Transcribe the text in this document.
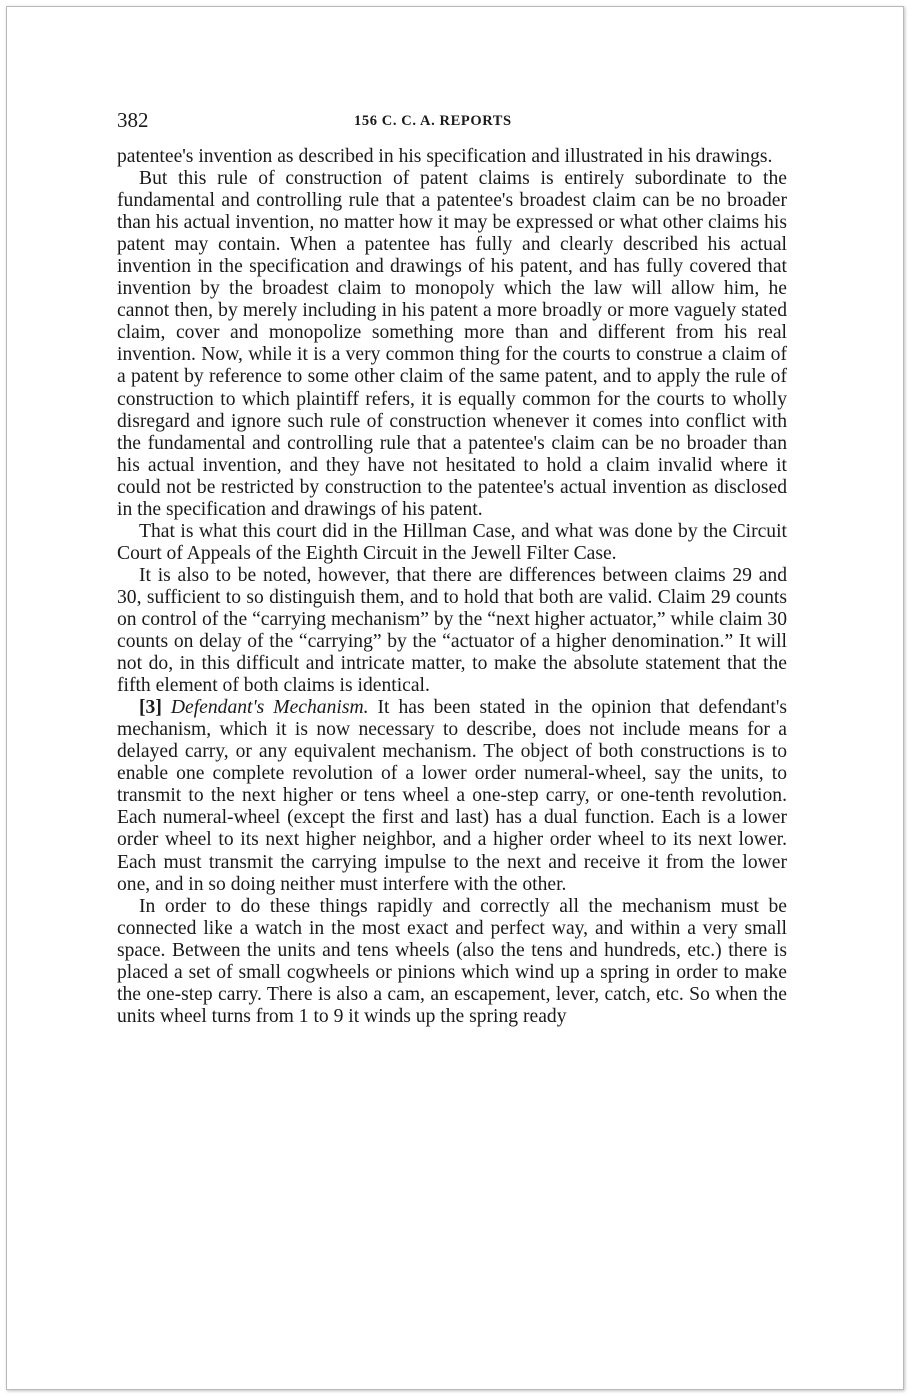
382	156 C. C. A. REPORTS

patentee's invention as described in his specification and illustrated in his drawings.

But this rule of construction of patent claims is entirely subordinate to the fundamental and controlling rule that a patentee's broadest claim can be no broader than his actual invention, no matter how it may be expressed or what other claims his patent may contain. When a patentee has fully and clearly described his actual invention in the specification and drawings of his patent, and has fully covered that invention by the broadest claim to monopoly which the law will allow him, he cannot then, by merely including in his patent a more broadly or more vaguely stated claim, cover and monopolize something more than and different from his real invention. Now, while it is a very common thing for the courts to construe a claim of a patent by reference to some other claim of the same patent, and to apply the rule of construction to which plaintiff refers, it is equally common for the courts to wholly disregard and ignore such rule of construction whenever it comes into conflict with the fundamental and controlling rule that a patentee's claim can be no broader than his actual invention, and they have not hesitated to hold a claim invalid where it could not be restricted by construction to the patentee's actual invention as disclosed in the specification and drawings of his patent.

That is what this court did in the Hillman Case, and what was done by the Circuit Court of Appeals of the Eighth Circuit in the Jewell Filter Case.

It is also to be noted, however, that there are differences between claims 29 and 30, sufficient to so distinguish them, and to hold that both are valid. Claim 29 counts on control of the “carrying mechanism” by the “next higher actuator,” while claim 30 counts on delay of the “carrying” by the “actuator of a higher denomination.” It will not do, in this difficult and intricate matter, to make the absolute statement that the fifth element of both claims is identical.

[3] Defendant's Mechanism. It has been stated in the opinion that defendant's mechanism, which it is now necessary to describe, does not include means for a delayed carry, or any equivalent mechanism. The object of both constructions is to enable one complete revolution of a lower order numeral-wheel, say the units, to transmit to the next higher or tens wheel a one-step carry, or one-tenth revolution. Each numeral-wheel (except the first and last) has a dual function. Each is a lower order wheel to its next higher neighbor, and a higher order wheel to its next lower. Each must transmit the carrying impulse to the next and receive it from the lower one, and in so doing neither must interfere with the other.

In order to do these things rapidly and correctly all the mechanism must be connected like a watch in the most exact and perfect way, and within a very small space. Between the units and tens wheels (also the tens and hundreds, etc.) there is placed a set of small cogwheels or pinions which wind up a spring in order to make the one-step carry. There is also a cam, an escapement, lever, catch, etc. So when the units wheel turns from 1 to 9 it winds up the spring ready
